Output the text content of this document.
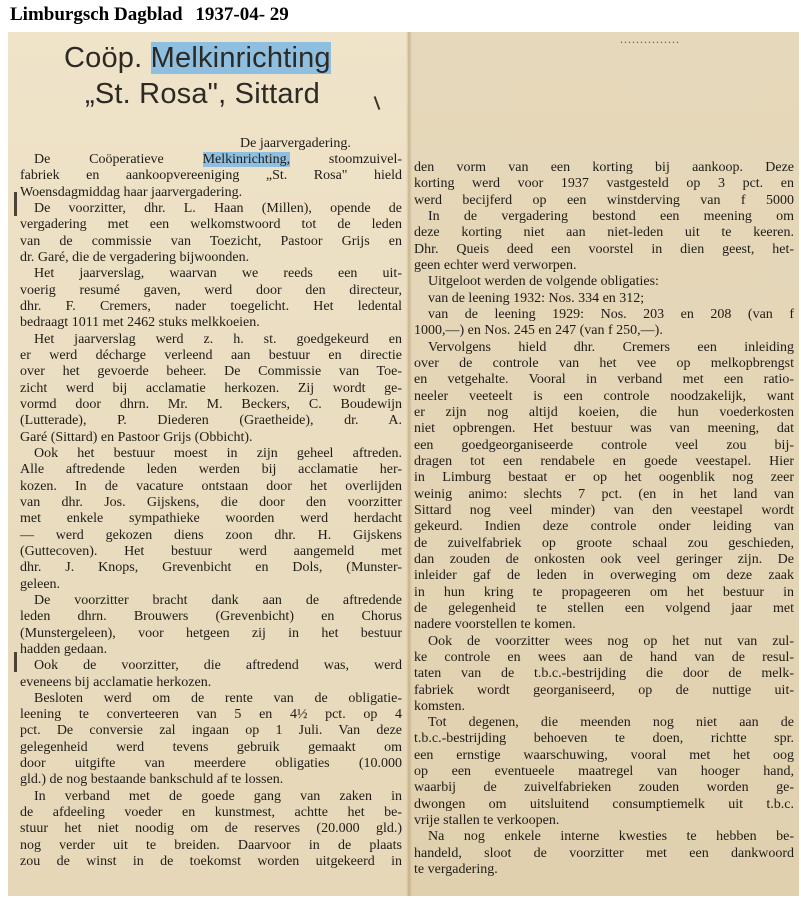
Limburgsch Dagblad 1937-04- 29
...............
Coöp. Melkinrichting
„St. Rosa", Sittard
De jaarvergadering.
De Coöperatieve	Melkinrichting,	stoomzuivel-
fabriek en aankoopvereeniging „St. Rosa" hield
Woensdagmiddag haar jaarvergadering.
De voorzitter, dhr. L. Haan (Millen), opende de
vergadering met een welkomstwoord tot de leden
van de commissie van Toezicht, Pastoor Grijs en
dr. Garé, die de vergadering bijwoonden.
Het jaarverslag, waarvan we reeds een uit-
voerig resumé gaven, werd door den directeur,
dhr. F. Cremers, nader toegelicht. Het ledental
bedraagt 1011 met 2462 stuks melkkoeien.
Het jaarverslag werd z. h. st. goedgekeurd en
er werd décharge verleend aan bestuur en directie
over het gevoerde beheer. De Commissie van Toe-
zicht werd bij acclamatie herkozen. Zij wordt ge-
vormd door dhrn. Mr. M. Beckers, C. Boudewijn
(Lutterade), P. Diederen (Graetheide), dr. A.
Garé (Sittard) en Pastoor Grijs (Obbicht).
Ook het bestuur moest in zijn geheel aftreden.
Alle aftredende leden werden bij acclamatie her-
kozen. In de vacature ontstaan door het overlijden
van dhr. Jos. Gijskens, die door den voorzitter
met enkele sympathieke woorden werd herdacht
— werd gekozen diens zoon dhr. H. Gijskens
(Guttecoven). Het bestuur werd aangemeld met
dhr. J. Knops, Grevenbicht en Dols, (Munster-
geleen.
De voorzitter bracht dank aan de aftredende
leden dhrn. Brouwers (Grevenbicht) en Chorus
(Munstergeleen), voor hetgeen zij in het bestuur
hadden gedaan.
Ook de voorzitter, die aftredend was, werd
eveneens bij acclamatie herkozen.
Besloten werd om de rente van de obligatie-
leening te converteeren van 5 en 4½ pct. op 4
pct. De conversie zal ingaan op 1 Juli. Van deze
gelegenheid werd tevens gebruik gemaakt om
door uitgifte van meerdere obligaties (10.000
gld.) de nog bestaande bankschuld af te lossen.
In verband met de goede gang van zaken in
de afdeeling voeder en kunstmest, achtte het be-
stuur het niet noodig om de reserves (20.000 gld.)
nog verder uit te breiden. Daarvoor in de plaats
zou de winst in de toekomst worden uitgekeerd in
den vorm van een korting bij aankoop. Deze
korting werd voor 1937 vastgesteld op 3 pct. en
werd becijferd op een winstderving van f 5000
In de vergadering bestond een meening om
deze korting niet aan niet-leden uit te keeren.
Dhr. Queis deed een voorstel in dien geest, het-
geen echter werd verworpen.
Uitgeloot werden de volgende obligaties:
van de leening 1932: Nos. 334 en 312;
van de leening 1929: Nos. 203 en 208 (van f
1000,—) en Nos. 245 en 247 (van f 250,—).
Vervolgens hield dhr. Cremers een inleiding
over de controle van het vee op melkopbrengst
en vetgehalte. Vooral in verband met een ratio-
neeler veeteelt is een controle noodzakelijk, want
er zijn nog altijd koeien, die hun voederkosten
niet opbrengen. Het bestuur was van meening, dat
een goedgeorganiseerde controle veel zou bij-
dragen tot een rendabele en goede veestapel. Hier
in Limburg bestaat er op het oogenblik nog zeer
weinig animo: slechts 7 pct. (en in het land van
Sittard nog veel minder) van den veestapel wordt
gekeurd. Indien deze controle onder leiding van
de zuivelfabriek op groote schaal zou geschieden,
dan zouden de onkosten ook veel geringer zijn. De
inleider gaf de leden in overweging om deze zaak
in hun kring te propageeren om het bestuur in
de gelegenheid te stellen een volgend jaar met
nadere voorstellen te komen.
Ook de voorzitter wees nog op het nut van zul-
ke controle en wees aan de hand van de resul-
taten van de t.b.c.-bestrijding die door de melk-
fabriek wordt georganiseerd, op de nuttige uit-
komsten.
Tot degenen, die meenden nog niet aan de
t.b.c.-bestrijding behoeven te doen, richtte spr.
een ernstige waarschuwing, vooral met het oog
op een eventueele maatregel van hooger hand,
waarbij de zuivelfabrieken zouden worden ge-
dwongen om uitsluitend consumptiemelk uit t.b.c.
vrije stallen te verkoopen.
Na nog enkele interne kwesties te hebben be-
handeld, sloot de voorzitter met een dankwoord
te vergadering.
